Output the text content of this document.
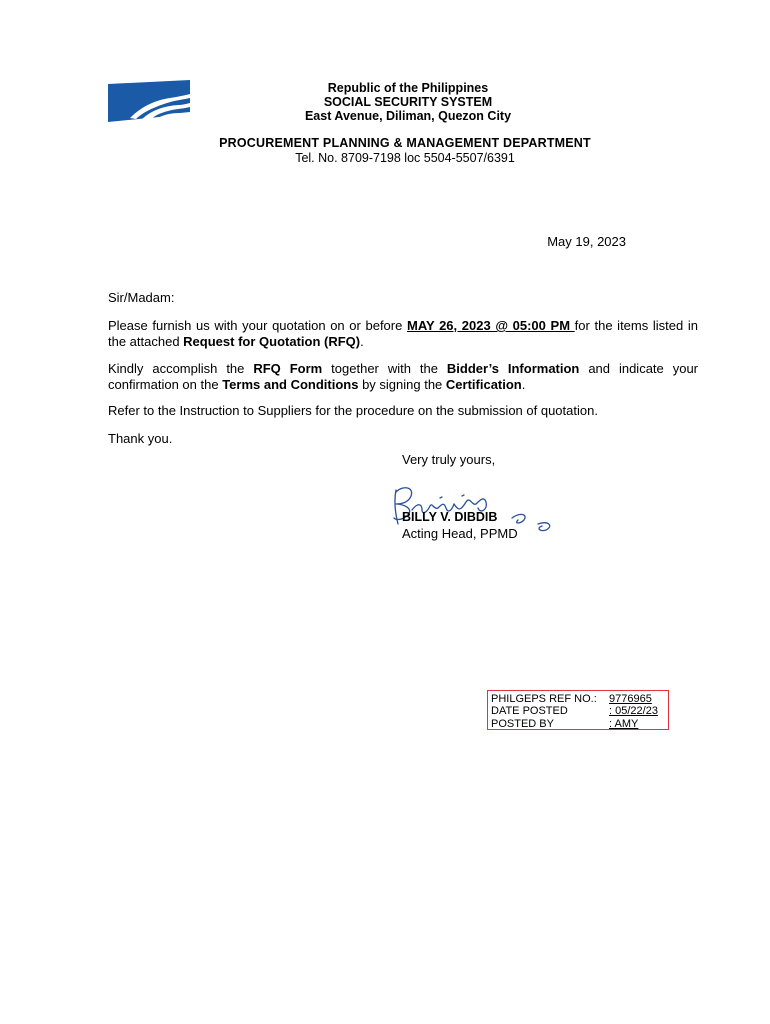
Republic of the Philippines
SOCIAL SECURITY SYSTEM
East Avenue, Diliman, Quezon City
PROCUREMENT PLANNING & MANAGEMENT DEPARTMENT
Tel. No. 8709-7198 loc 5504-5507/6391
May 19, 2023
Sir/Madam:
Please furnish us with your quotation on or before MAY 26, 2023 @ 05:00 PM for the items listed in the attached Request for Quotation (RFQ).
Kindly accomplish the RFQ Form together with the Bidder’s Information and indicate your confirmation on the Terms and Conditions by signing the Certification.
Refer to the Instruction to Suppliers for the procedure on the submission of quotation.
Thank you.
Very truly yours,
BILLY V. DIBDIB
Acting Head, PPMD
PHILGEPS REF NO.:	9776965
DATE POSTED	: 05/22/23
POSTED BY	: AMY
